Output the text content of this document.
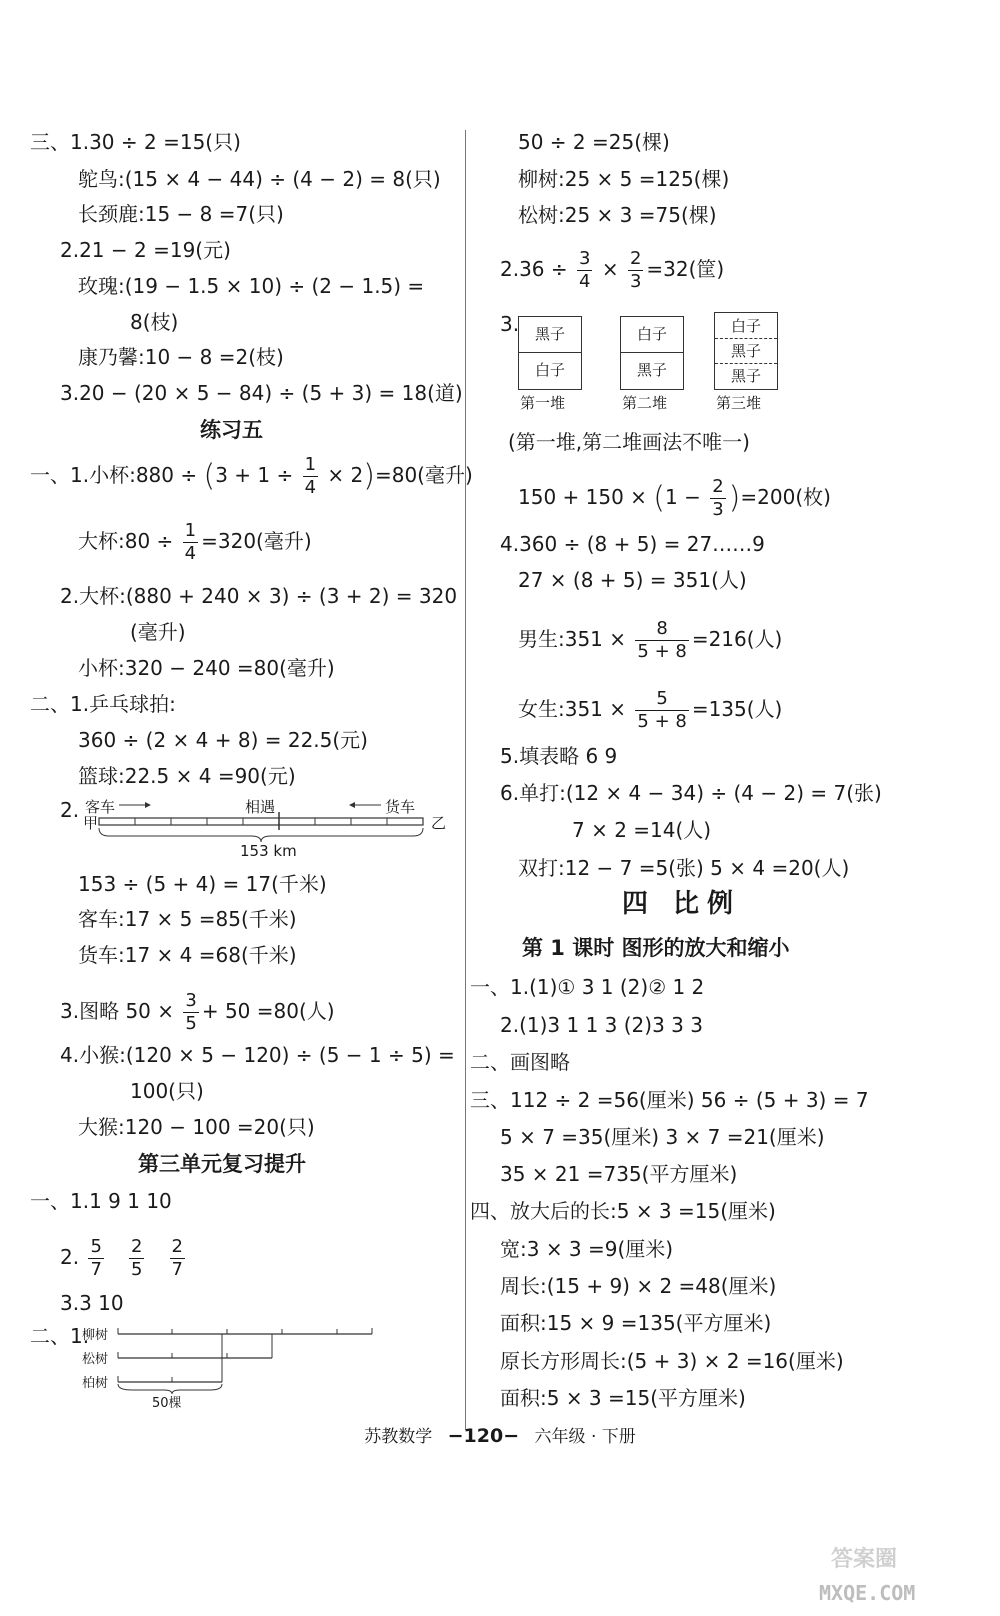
三、1.30 ÷ 2 =15(只)
鸵鸟:(15 × 4 − 44) ÷ (4 − 2) = 8(只)
长颈鹿:15 − 8 =7(只)
2.21 − 2 =19(元)
玫瑰:(19 − 1.5 × 10) ÷ (2 − 1.5) =
8(枝)
康乃馨:10 − 8 =2(枝)
3.20 − (20 × 5 − 84) ÷ (5 + 3) = 18(道)
练习五
一、1.小杯:880 ÷ $(3 + 1 \div \frac{1}{4} \times 2)=80$(毫升)
大杯:80 ÷ $\frac{1}{4} =320$(毫升)
2.大杯:(880 + 240 × 3) ÷ (3 + 2) = 320
(毫升)
小杯:320 − 240 =80(毫升)
二、1.乒乓球拍:
360 ÷ (2 × 4 + 8) = 22.5(元)
篮球:22.5 × 4 =90(元)
2. 客车	相遇	货车
甲	乙
153 km
153 ÷ (5 + 4) = 17(千米)
客车:17 × 5 =85(千米)
货车:17 × 4 =68(千米)
3.图略 $50 \times \frac{3}{5} + 50 =80$(人)
4.小猴:(120 × 5 − 120) ÷ (5 − 1 ÷ 5) =
100(只)
大猴:120 − 100 =20(只)
第三单元复习提升
一、1.1 9 1 10
2. $\frac{5}{7}$
$\frac{2}{5}$
$\frac{2}{7}$
3.3 10
二、1.
柳树
松树
柏树
50棵
50 ÷ 2 =25(棵)
柳树:25 × 5 =125(棵)
松树:25 × 3 =75(棵)
$2.36 \div \frac{3}{4} \times \frac{2}{3} =32$(筐)
3.	黑子
白子
白子
黑子
白子
黑子
黑子
第一堆	第二堆	第三堆
(第一堆,第二堆画法不唯一)
$150 + 150 \times (1 - \frac{2}{3} )=200$(枚)
4.360 ÷ (8 + 5) = 27……9
27 × (8 + 5) = 351(人)
男生:351 × $\frac{8}{5 + 8} =216$(人)
女生:351 × $\frac{5}{5 + 8} =135$(人)
5.填表略 6 9
6.单打:(12 × 4 − 34) ÷ (4 − 2) = 7(张)
7 × 2 =14(人)
双打:12 − 7 =5(张) 5 × 4 =20(人)
四 比例
第 1 课时 图形的放大和缩小
一、1.(1)① 3 1 (2)② 1 2
2.(1)3 1 1 3 (2)3 3 3
二、画图略
三、112 ÷ 2 =56(厘米) 56 ÷ (5 + 3) = 7
5 × 7 =35(厘米) 3 × 7 =21(厘米)
35 × 21 =735(平方厘米)
四、放大后的长:5 × 3 =15(厘米)
宽:3 × 3 =9(厘米)
周长:(15 + 9) × 2 =48(厘米)
面积:15 × 9 =135(平方厘米)
原长方形周长:(5 + 3) × 2 =16(厘米)
面积:5 × 3 =15(平方厘米)
苏教数学 −120− 六年级 · 下册
答案圈
MXQE.COM
